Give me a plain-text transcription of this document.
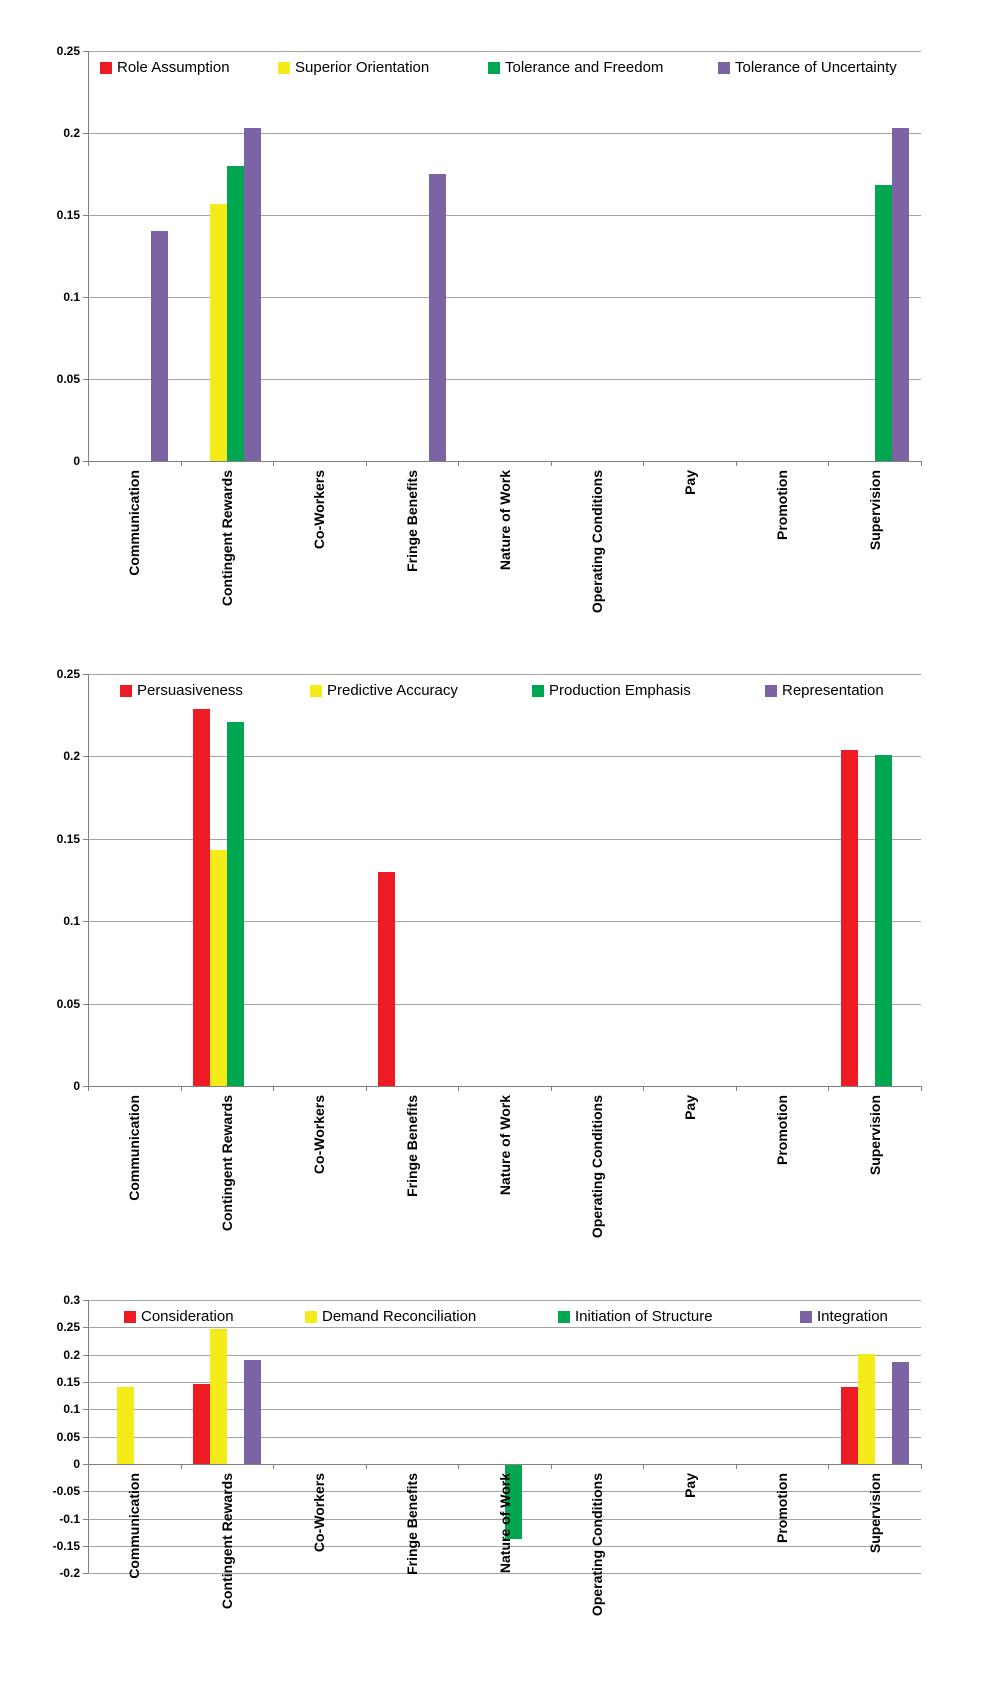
0.25
0.2
0.15
0.1
0.05
0
Communication	Contingent Rewards	Co-Workers	Fringe Benefits	Nature of Work	Operating Conditions	Pay	Promotion	Supervision
Role Assumption	Superior Orientation	Tolerance and Freedom	Tolerance of Uncertainty
0.25
0.2
0.15
0.1
0.05
0
Communication	Contingent Rewards	Co-Workers	Fringe Benefits	Nature of Work	Operating Conditions	Pay	Promotion	Supervision
Persuasiveness	Predictive Accuracy	Production Emphasis	Representation
0.3
0.25
0.2
0.15
0.1
0.05
0
-0.05
-0.1
-0.15
-0.2	Communication	Contingent Rewards	Co-Workers	Fringe Benefits	Nature of Work	Operating Conditions	Pay	Promotion	Supervision
Consideration	Demand Reconciliation	Initiation of Structure	Integration
